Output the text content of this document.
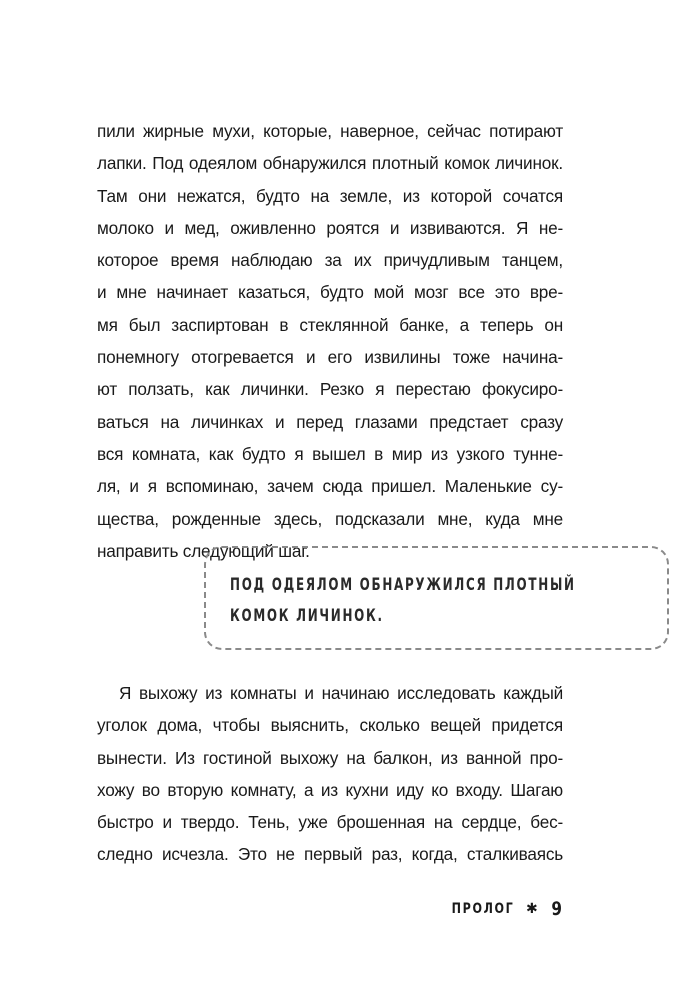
пили жирные мухи, которые, наверное, сейчас потирают
лапки. Под одеялом обнаружился плотный комок личинок.
Там они нежатся, будто на земле, из которой сочатся
молоко и мед, оживленно роятся и извиваются. Я не-
которое время наблюдаю за их причудливым танцем,
и мне начинает казаться, будто мой мозг все это вре-
мя был заспиртован в стеклянной банке, а теперь он
понемногу отогревается и его извилины тоже начина-
ют ползать, как личинки. Резко я перестаю фокусиро-
ваться на личинках и перед глазами предстает сразу
вся комната, как будто я вышел в мир из узкого туннe-
ля, и я вспоминаю, зачем сюда пришел. Маленькие су-
щества, рожденные здесь, подсказали мне, куда мне
направить следующий шаг.

ПОД ОДЕЯЛОМ ОБНАРУЖИЛСЯ ПЛОТНЫЙ
КОМОК ЛИЧИНОК.

Я выхожу из комнаты и начинаю исследовать каждый
уголок дома, чтобы выяснить, сколько вещей придется
вынести. Из гостиной выхожу на балкон, из ванной про-
хожу во вторую комнату, а из кухни иду ко входу. Шагаю
быстро и твердо. Тень, уже брошенная на сердце, бес-
следно исчезла. Это не первый раз, когда, сталкиваясь

ПРОЛОГ ✱ 9
